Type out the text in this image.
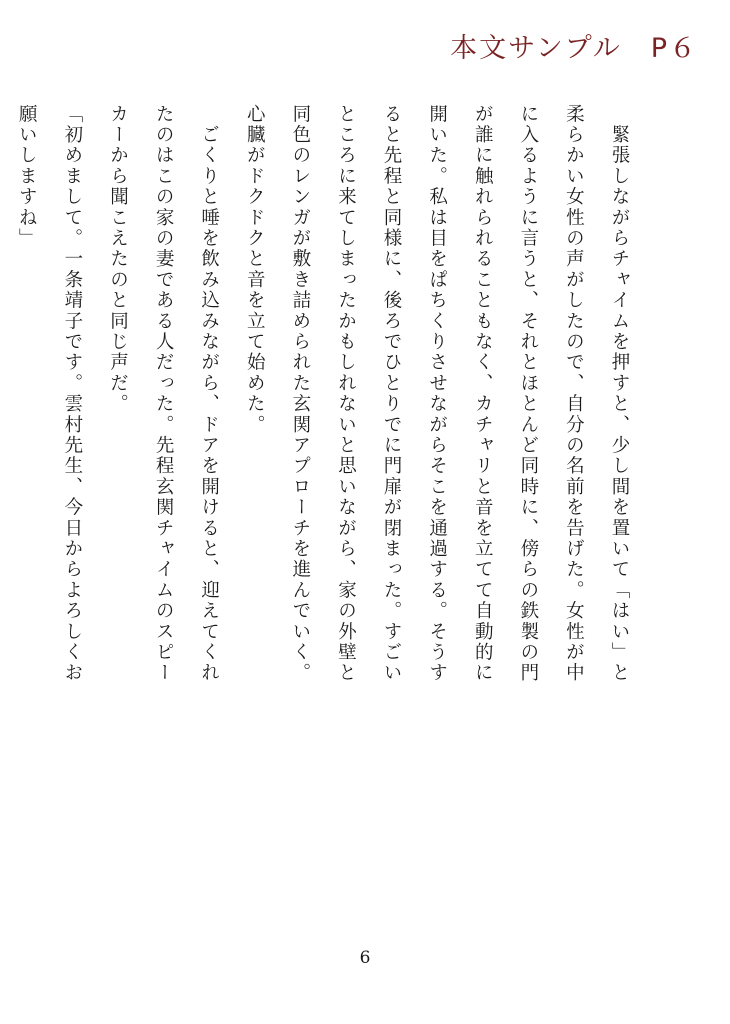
本文サンプル　P６

　緊張しながらチャイムを押すと、少し間を置いて「はい」と柔らかい女性の声がしたので、自分の名前を告げた。女性が中に入るように言うと、それとほとんど同時に、傍らの鉄製の門が誰に触れられることもなく、カチャリと音を立てて自動的に開いた。私は目をぱちくりさせながらそこを通過する。そうすると先程と同様に、後ろでひとりでに門扉が閉まった。すごいところに来てしまったかもしれないと思いながら、家の外壁と同色のレンガが敷き詰められた玄関アプローチを進んでいく。心臓がドクドクと音を立て始めた。

　ごくりと唾を飲み込みながら、ドアを開けると、迎えてくれたのはこの家の妻である人だった。先程玄関チャイムのスピーカーから聞こえたのと同じ声だ。

「初めまして。一条靖子です。雲村先生、今日からよろしくお願いしますね」

6
